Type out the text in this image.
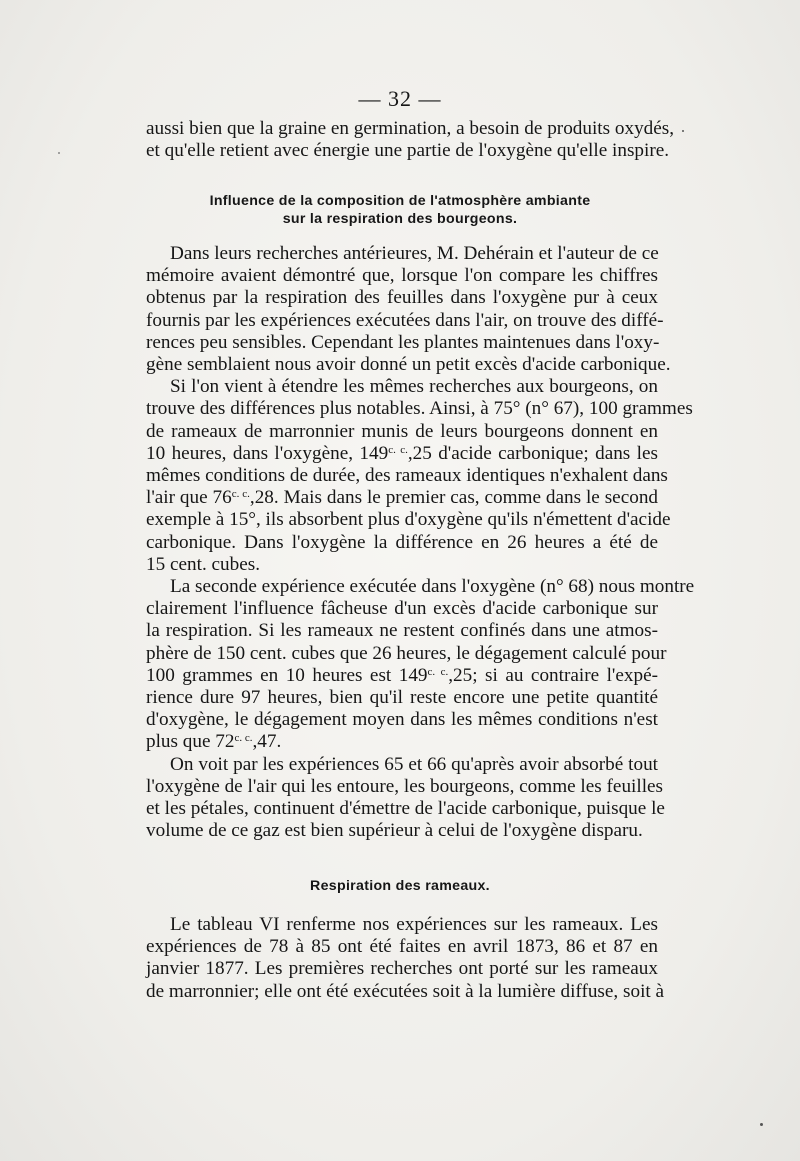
— 32 —

aussi bien que la graine en germination, a besoin de produits oxydés,
et qu'elle retient avec énergie une partie de l'oxygène qu'elle inspire.

Influence de la composition de l'atmosphère ambiante
sur la respiration des bourgeons.

Dans leurs recherches antérieures, M. Dehérain et l'auteur de ce
mémoire avaient démontré que, lorsque l'on compare les chiffres
obtenus par la respiration des feuilles dans l'oxygène pur à ceux
fournis par les expériences exécutées dans l'air, on trouve des diffé-
rences peu sensibles. Cependant les plantes maintenues dans l'oxy-
gène semblaient nous avoir donné un petit excès d'acide carbonique.

Si l'on vient à étendre les mêmes recherches aux bourgeons, on
trouve des différences plus notables. Ainsi, à 75° (n° 67), 100 grammes
de rameaux de marronnier munis de leurs bourgeons donnent en
10 heures, dans l'oxygène, $149^{c. c.},25$ d'acide carbonique; dans les
mêmes conditions de durée, des rameaux identiques n'exhalent dans
l'air que $76^{c. c.},28$. Mais dans le premier cas, comme dans le second
exemple à 15°, ils absorbent plus d'oxygène qu'ils n'émettent d'acide
carbonique. Dans l'oxygène la différence en 26 heures a été de
15 cent. cubes.

La seconde expérience exécutée dans l'oxygène (n° 68) nous montre
clairement l'influence fâcheuse d'un excès d'acide carbonique sur
la respiration. Si les rameaux ne restent confinés dans une atmos-
phère de 150 cent. cubes que 26 heures, le dégagement calculé pour
100 grammes en 10 heures est $149^{c. c.},25$; si au contraire l'expé-
rience dure 97 heures, bien qu'il reste encore une petite quantité
d'oxygène, le dégagement moyen dans les mêmes conditions n'est
plus que $72^{c. c.},47$.

On voit par les expériences 65 et 66 qu'après avoir absorbé tout
l'oxygène de l'air qui les entoure, les bourgeons, comme les feuilles
et les pétales, continuent d'émettre de l'acide carbonique, puisque le
volume de ce gaz est bien supérieur à celui de l'oxygène disparu.

Respiration des rameaux.

Le tableau VI renferme nos expériences sur les rameaux. Les
expériences de 78 à 85 ont été faites en avril 1873, 86 et 87 en
janvier 1877. Les premières recherches ont porté sur les rameaux
de marronnier; elle ont été exécutées soit à la lumière diffuse, soit à
